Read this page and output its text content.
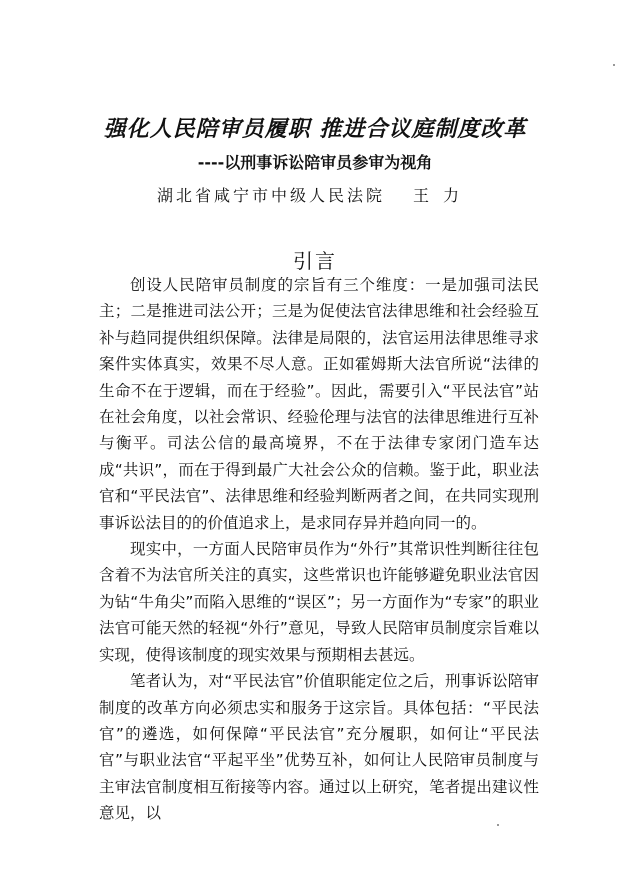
强化人民陪审员履职 推进合议庭制度改革
----以刑事诉讼陪审员参审为视角
湖北省咸宁市中级人民法院 王力
引言

创设人民陪审员制度的宗旨有三个维度：一是加强司法民主；二是推进司法公开；三是为促使法官法律思维和社会经验互补与趋同提供组织保障。法律是局限的，法官运用法律思维寻求案件实体真实，效果不尽人意。正如霍姆斯大法官所说“法律的生命不在于逻辑，而在于经验”。因此，需要引入“平民法官”站在社会角度，以社会常识、经验伦理与法官的法律思维进行互补与衡平。司法公信的最高境界，不在于法律专家闭门造车达成“共识”，而在于得到最广大社会公众的信赖。鉴于此，职业法官和“平民法官”、法律思维和经验判断两者之间，在共同实现刑事诉讼法目的的价值追求上，是求同存异并趋向同一的。

现实中，一方面人民陪审员作为“外行”其常识性判断往往包含着不为法官所关注的真实，这些常识也许能够避免职业法官因为钻“牛角尖”而陷入思维的“误区”；另一方面作为“专家”的职业法官可能天然的轻视“外行”意见，导致人民陪审员制度宗旨难以实现，使得该制度的现实效果与预期相去甚远。

笔者认为，对“平民法官”价值职能定位之后，刑事诉讼陪审制度的改革方向必须忠实和服务于这宗旨。具体包括：“平民法官”的遴选，如何保障“平民法官”充分履职，如何让“平民法官”与职业法官“平起平坐”优势互补，如何让人民陪审员制度与主审法官制度相互衔接等内容。通过以上研究，笔者提出建议性意见，以
